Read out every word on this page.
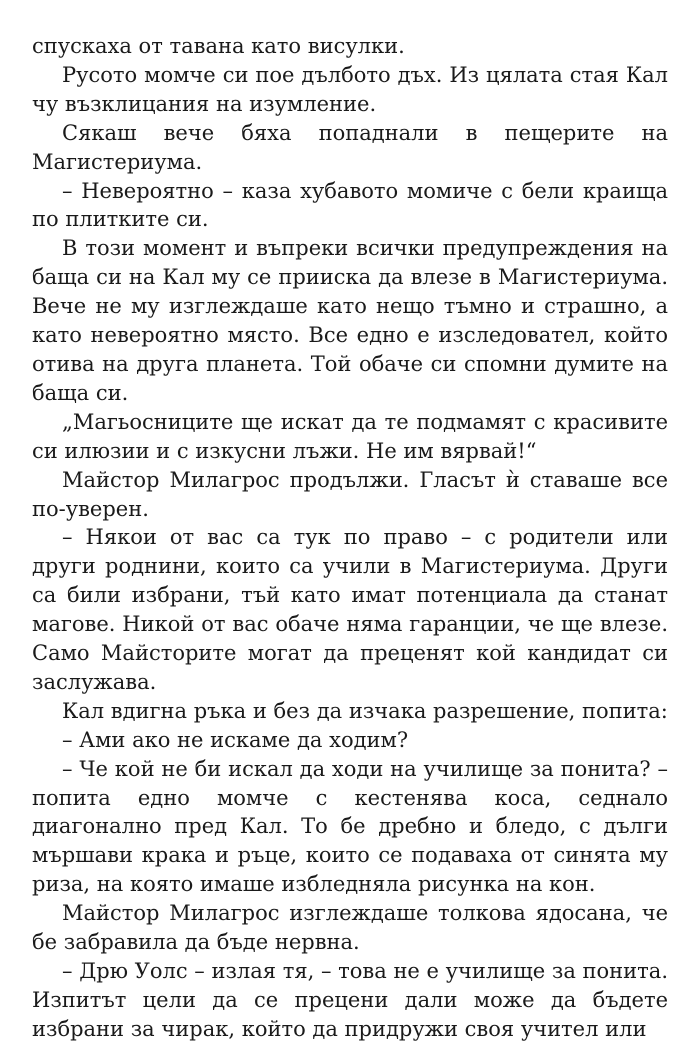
спускаха от тавана като висулки.

Русото момче си пое дълбото дъх. Из цялата стая Кал чу възклицания на изумление.

Сякаш вече бяха попаднали в пещерите на Магистериума.

– Невероятно – каза хубавото момиче с бели краища по плитките си.

В този момент и въпреки всички предупреждения на баща си на Кал му се прииска да влезе в Магистериума. Вече не му изглеждаше като нещо тъмно и страшно, а като невероятно място. Все едно е изследовател, който отива на друга планета. Той обаче си спомни думите на баща си.

„Магьосниците ще искат да те подмамят с красивите си илюзии и с изкусни лъжи. Не им вярвай!“

Майстор Милагрос продължи. Гласът ѝ ставаше все по-уверен.

– Някои от вас са тук по право – с родители или други роднини, които са учили в Магистериума. Други са били избрани, тъй като имат потенциала да станат магове. Никой от вас обаче няма гаранции, че ще влезе. Само Майсторите могат да преценят кой кандидат си заслужава.

Кал вдигна ръка и без да изчака разрешение, попита:

– Ами ако не искаме да ходим?

– Че кой не би искал да ходи на училище за понита? – попита едно момче с кестенява коса, седнало диагонално пред Кал. То бе дребно и бледо, с дълги мършави крака и ръце, които се подаваха от синята му риза, на която имаше избледняла рисунка на кон.

Майстор Милагрос изглеждаше толкова ядосана, че бе забравила да бъде нервна.

– Дрю Уолс – излая тя, – това не е училище за понита. Изпитът цели да се прецени дали може да бъдете избрани за чирак, който да придружи своя учител или
